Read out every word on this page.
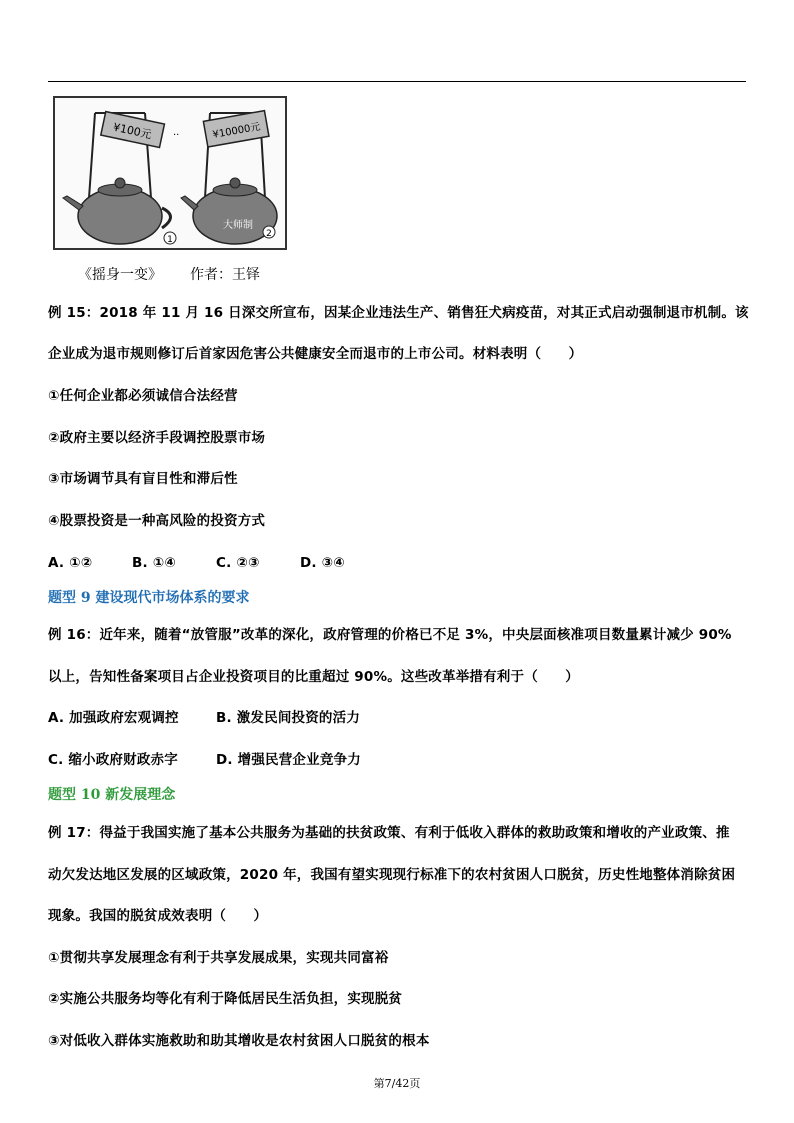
1
¥100元 ··
大师制
2
¥10000元
《摇身一变》 作者：王铎
例 15：2018 年 11 月 16 日深交所宣布，因某企业违法生产、销售狂犬病疫苗，对其正式启动强制退市机制。该
企业成为退市规则修订后首家因危害公共健康安全而退市的上市公司。材料表明（　　）
①任何企业都必须诚信合法经营
②政府主要以经济手段调控股票市场
③市场调节具有盲目性和滞后性
④股票投资是一种高风险的投资方式
A. ①②	B. ①④	C. ②③	D. ③④
题型 9 建设现代市场体系的要求
例 16：近年来，随着“放管服”改革的深化，政府管理的价格已不足 3%，中央层面核准项目数量累计减少 90%
以上，告知性备案项目占企业投资项目的比重超过 90%。这些改革举措有利于（　　）
A. 加强政府宏观调控	B. 激发民间投资的活力
C. 缩小政府财政赤字	D. 增强民营企业竞争力
题型 10 新发展理念
例 17：得益于我国实施了基本公共服务为基础的扶贫政策、有利于低收入群体的救助政策和增收的产业政策、推
动欠发达地区发展的区域政策，2020 年，我国有望实现现行标准下的农村贫困人口脱贫，历史性地整体消除贫困
现象。我国的脱贫成效表明（　　）
①贯彻共享发展理念有利于共享发展成果，实现共同富裕
②实施公共服务均等化有利于降低居民生活负担，实现脱贫
③对低收入群体实施救助和助其增收是农村贫困人口脱贫的根本
第7/42页
